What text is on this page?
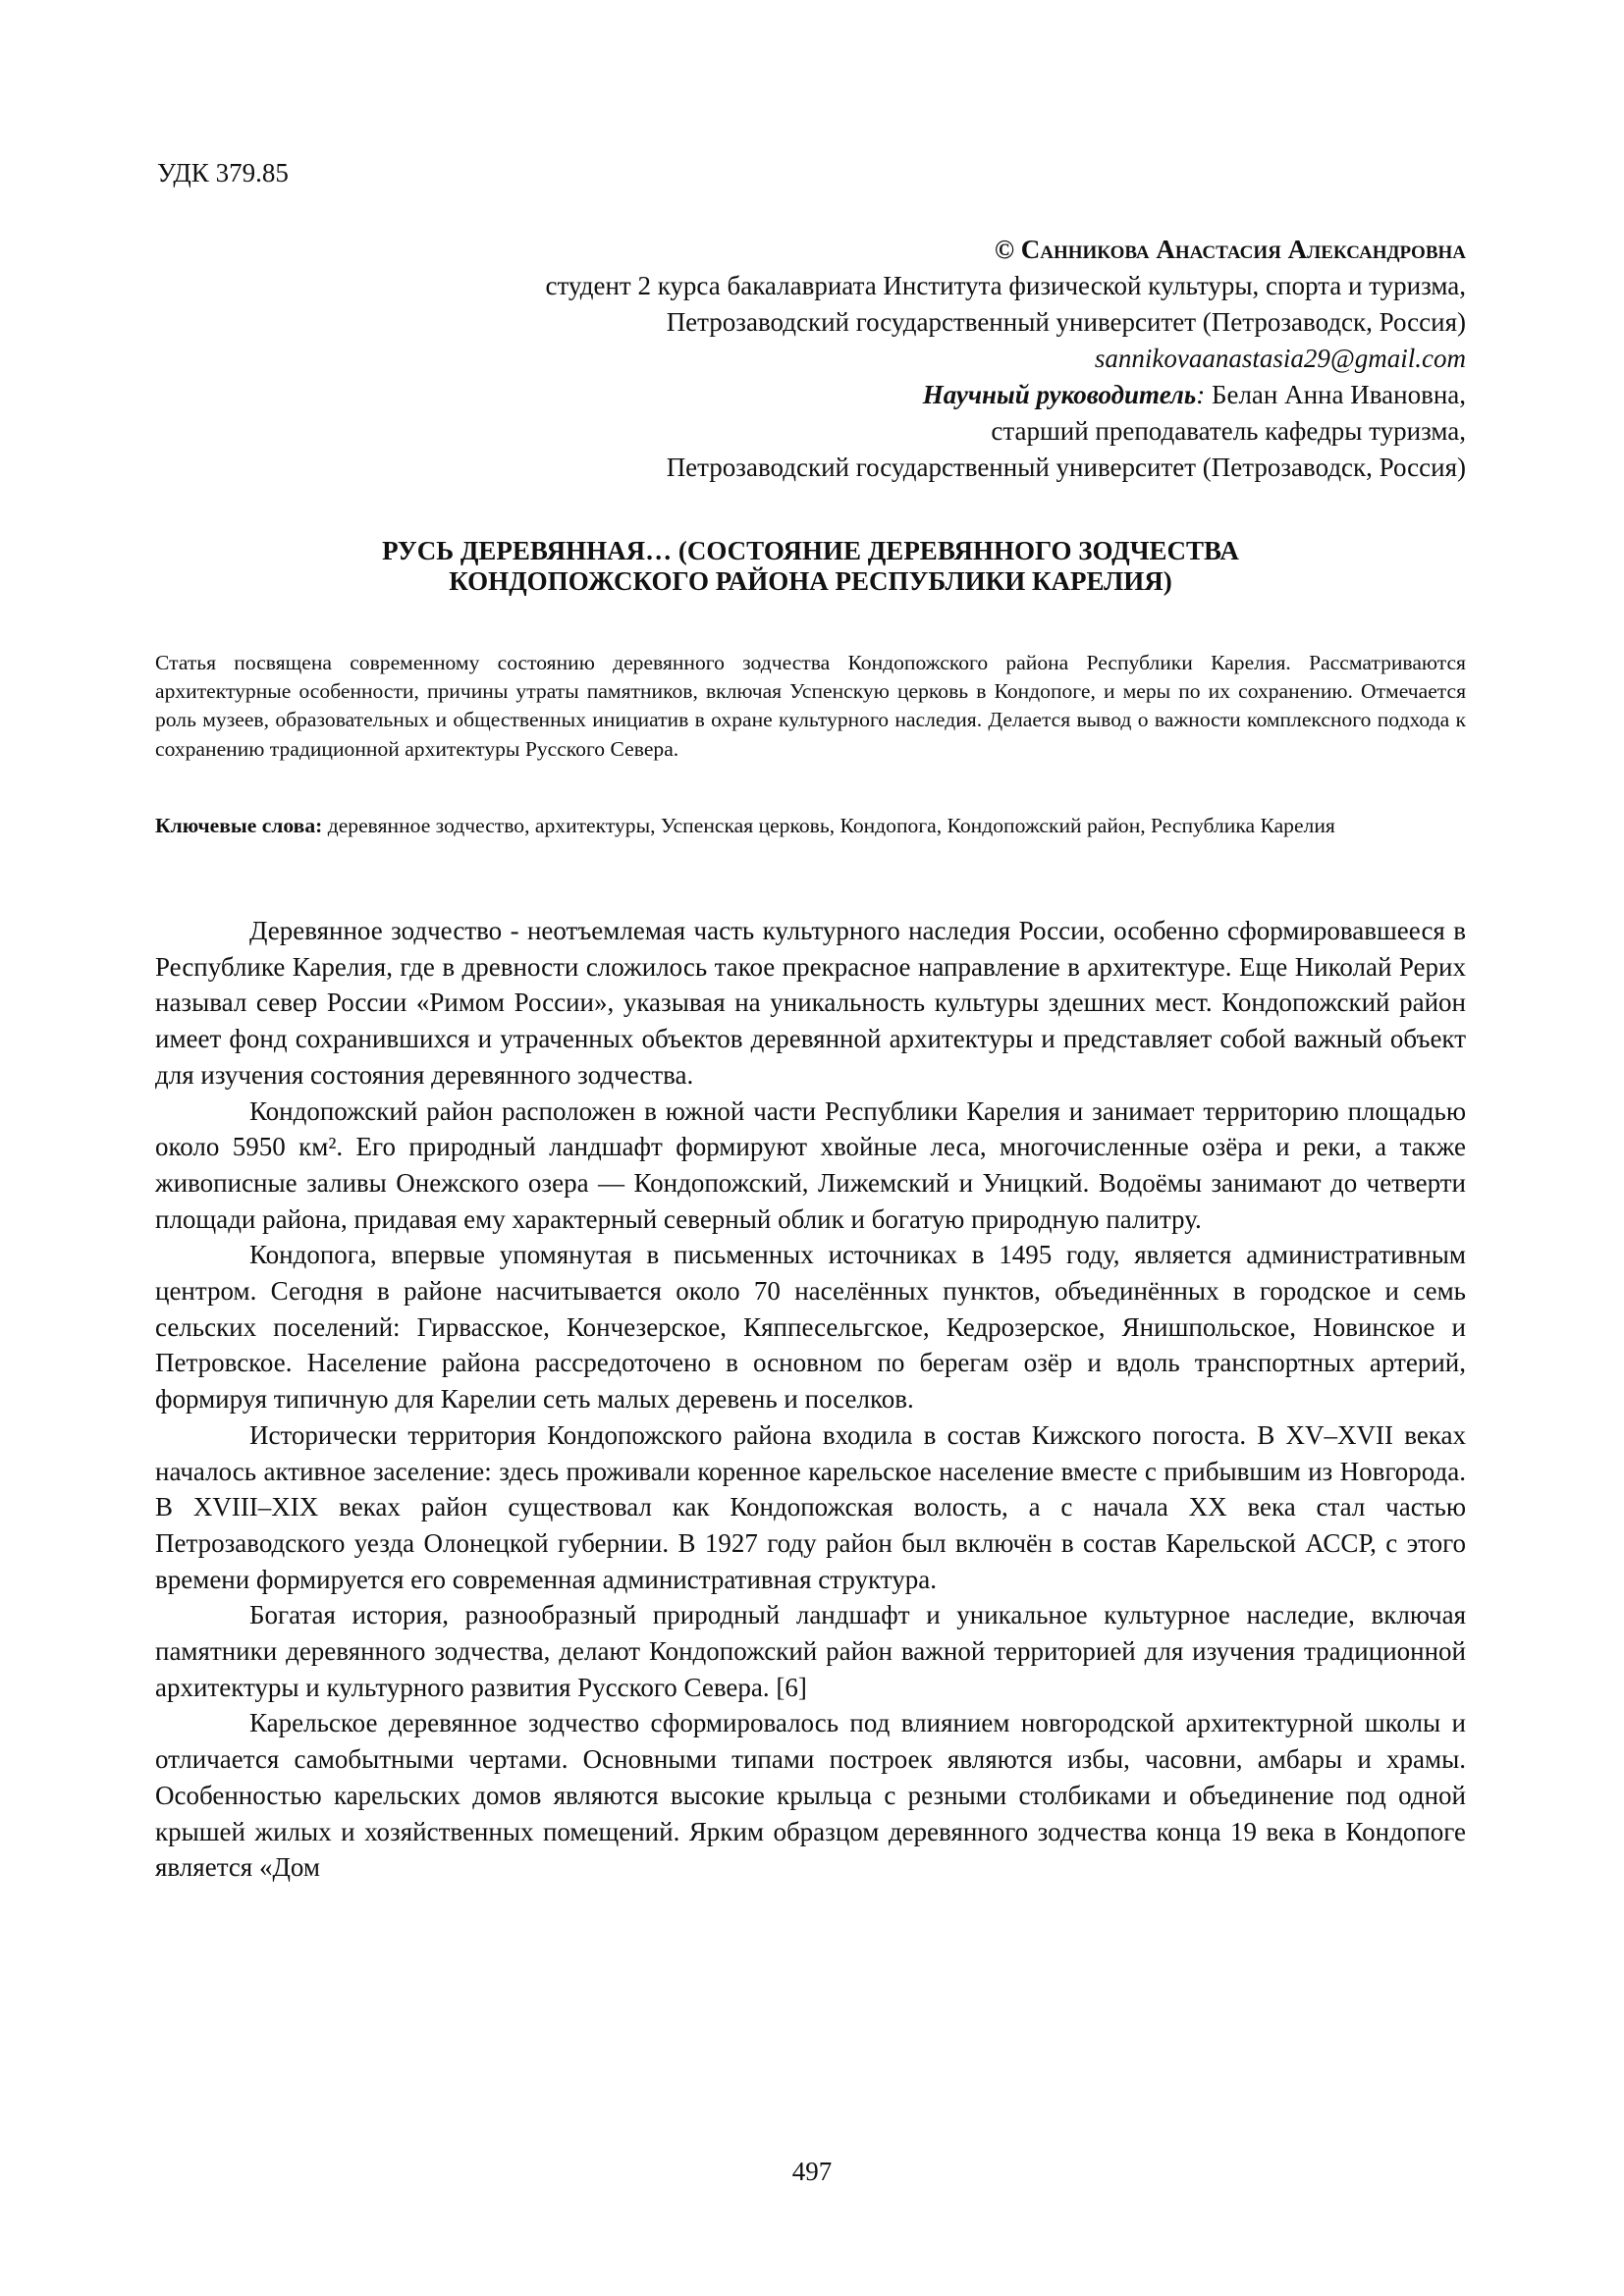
УДК 379.85
© Санникова Анастасия Александровна
студент 2 курса бакалавриата Института физической культуры, спорта и туризма,
Петрозаводский государственный университет (Петрозаводск, Россия)
sannikovaanastasia29@gmail.com
Научный руководитель: Белан Анна Ивановна,
старший преподаватель кафедры туризма,
Петрозаводский государственный университет (Петрозаводск, Россия)
РУСЬ ДЕРЕВЯННАЯ… (СОСТОЯНИЕ ДЕРЕВЯННОГО ЗОДЧЕСТВА
КОНДОПОЖСКОГО РАЙОНА РЕСПУБЛИКИ КАРЕЛИЯ)

Статья посвящена современному состоянию деревянного зодчества Кондопожского района Республики Карелия. Рассматриваются архитектурные особенности, причины утраты памятников, включая Успенскую церковь в Кондопоге, и меры по их сохранению. Отмечается роль музеев, образовательных и общественных инициатив в охране культурного наследия. Делается вывод о важности комплексного подхода к сохранению традиционной архитектуры Русского Севера.

Ключевые слова: деревянное зодчество, архитектуры, Успенская церковь, Кондопога, Кондопожский район, Республика Карелия

Деревянное зодчество - неотъемлемая часть культурного наследия России, особенно сформировавшееся в Республике Карелия, где в древности сложилось такое прекрасное направление в архитектуре. Еще Николай Рерих называл север России «Римом России», указывая на уникальность культуры здешних мест. Кондопожский район имеет фонд сохранившихся и утраченных объектов деревянной архитектуры и представляет собой важный объект для изучения состояния деревянного зодчества.

Кондопожский район расположен в южной части Республики Карелия и занимает территорию площадью около 5950 км². Его природный ландшафт формируют хвойные леса, многочисленные озёра и реки, а также живописные заливы Онежского озера — Кондопожский, Лижемский и Уницкий. Водоёмы занимают до четверти площади района, придавая ему характерный северный облик и богатую природную палитру.

Кондопога, впервые упомянутая в письменных источниках в 1495 году, является административным центром. Сегодня в районе насчитывается около 70 населённых пунктов, объединённых в городское и семь сельских поселений: Гирвасское, Кончезерское, Кяппесельгское, Кедрозерское, Янишпольское, Новинское и Петровское. Население района рассредоточено в основном по берегам озёр и вдоль транспортных артерий, формируя типичную для Карелии сеть малых деревень и поселков.

Исторически территория Кондопожского района входила в состав Кижского погоста. В XV–XVII веках началось активное заселение: здесь проживали коренное карельское население вместе с прибывшим из Новгорода. В XVIII–XIX веках район существовал как Кондопожская волость, а с начала XX века стал частью Петрозаводского уезда Олонецкой губернии. В 1927 году район был включён в состав Карельской АССР, с этого времени формируется его современная административная структура.

Богатая история, разнообразный природный ландшафт и уникальное культурное наследие, включая памятники деревянного зодчества, делают Кондопожский район важной территорией для изучения традиционной архитектуры и культурного развития Русского Севера. [6]

Карельское деревянное зодчество сформировалось под влиянием новгородской архитектурной школы и отличается самобытными чертами. Основными типами построек являются избы, часовни, амбары и храмы. Особенностью карельских домов являются высокие крыльца с резными столбиками и объединение под одной крышей жилых и хозяйственных помещений. Ярким образцом деревянного зодчества конца 19 века в Кондопоге является «Дом

497
